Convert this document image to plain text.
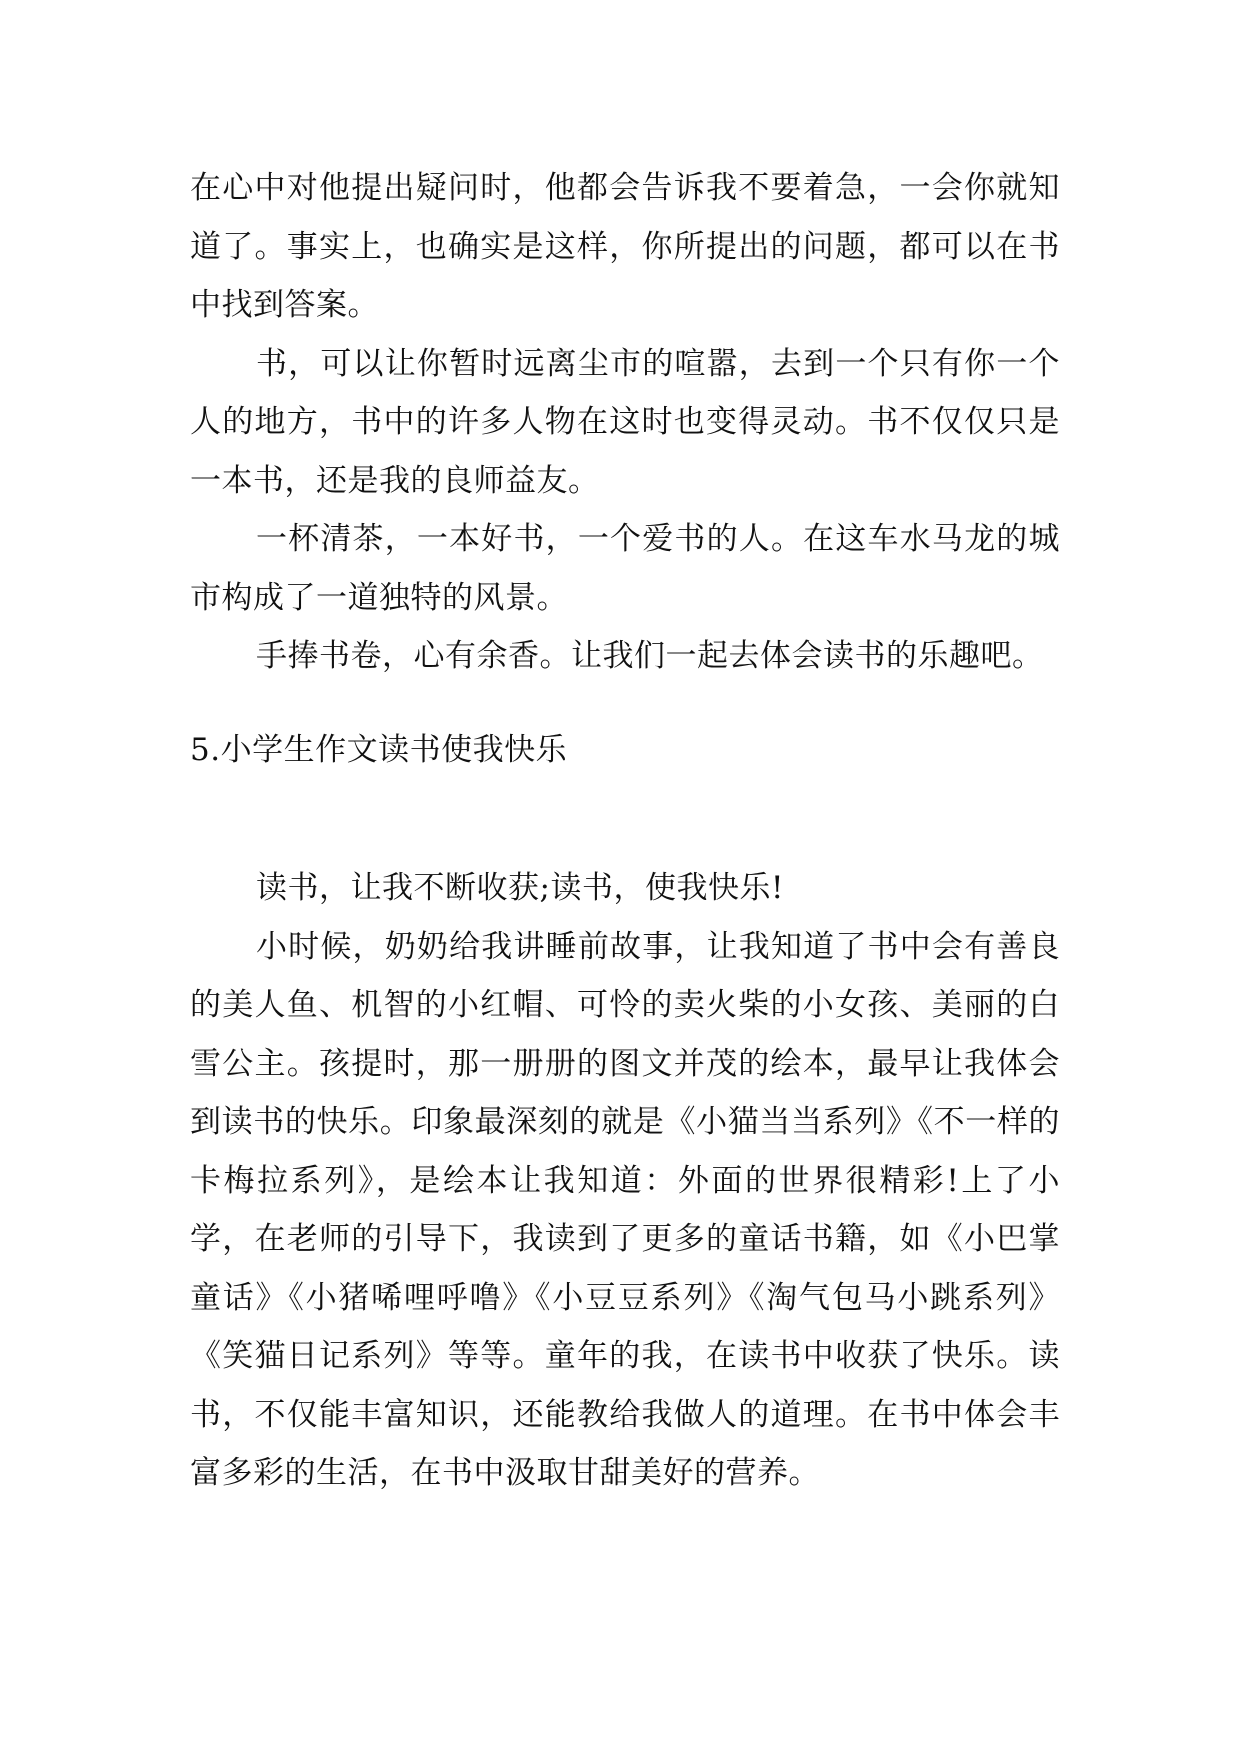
在心中对他提出疑问时，他都会告诉我不要着急，一会你就知道了。事实上，也确实是这样，你所提出的问题，都可以在书中找到答案。

书，可以让你暂时远离尘市的喧嚣，去到一个只有你一个人的地方，书中的许多人物在这时也变得灵动。书不仅仅只是一本书，还是我的良师益友。

一杯清茶，一本好书，一个爱书的人。在这车水马龙的城市构成了一道独特的风景。

手捧书卷，心有余香。让我们一起去体会读书的乐趣吧。

5.小学生作文读书使我快乐

读书，让我不断收获;读书，使我快乐!

小时候，奶奶给我讲睡前故事，让我知道了书中会有善良的美人鱼、机智的小红帽、可怜的卖火柴的小女孩、美丽的白雪公主。孩提时，那一册册的图文并茂的绘本，最早让我体会到读书的快乐。印象最深刻的就是《小猫当当系列》《不一样的卡梅拉系列》，是绘本让我知道：外面的世界很精彩!上了小学，在老师的引导下，我读到了更多的童话书籍，如《小巴掌童话》《小猪唏哩呼噜》《小豆豆系列》《淘气包马小跳系列》《笑猫日记系列》等等。童年的我，在读书中收获了快乐。读书，不仅能丰富知识，还能教给我做人的道理。在书中体会丰富多彩的生活，在书中汲取甘甜美好的营养。
